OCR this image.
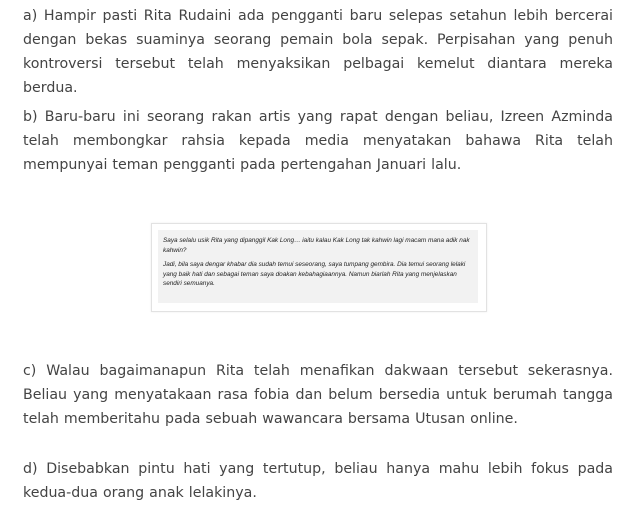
a) Hampir pasti Rita Rudaini ada pengganti baru selepas setahun lebih bercerai dengan bekas suaminya seorang pemain bola sepak. Perpisahan yang penuh kontroversi tersebut telah menyaksikan pelbagai kemelut diantara mereka berdua.

b) Baru-baru ini seorang rakan artis yang rapat dengan beliau, Izreen Azminda telah membongkar rahsia kepada media menyatakan bahawa Rita telah mempunyai teman pengganti pada pertengahan Januari lalu.

c) Walau bagaimanapun Rita telah menafikan dakwaan tersebut sekerasnya. Beliau yang menyatakaan rasa fobia dan belum bersedia untuk berumah tangga telah memberitahu pada sebuah wawancara bersama Utusan online.

d) Disebabkan pintu hati yang tertutup, beliau hanya mahu lebih fokus pada kedua-dua orang anak lelakinya.

Saya selalu usik Rita yang dipanggil Kak Long… iaitu kalau Kak Long tak kahwin lagi macam mana adik nak kahwin?

Jadi, bila saya dengar khabar dia sudah temui seseorang, saya tumpang gembira. Dia temui seorang lelaki yang baik hati dan sebagai teman saya doakan kebahagiaannya. Namun biarlah Rita yang menjelaskan sendiri semuanya.
